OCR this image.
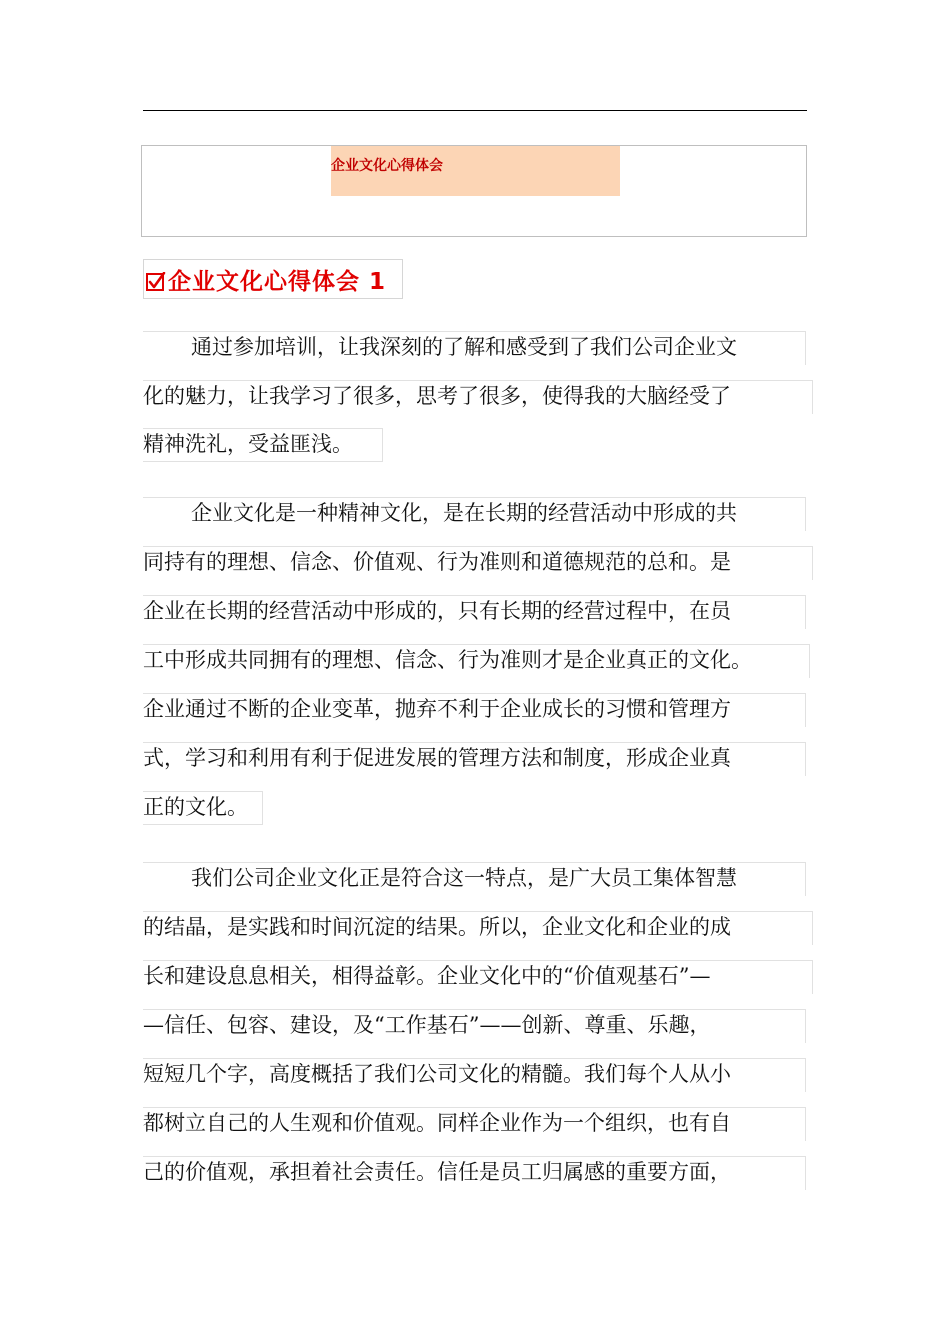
企业文化心得体会
企业文化心得体会 1
通过参加培训，让我深刻的了解和感受到了我们公司企业文
化的魅力，让我学习了很多，思考了很多，使得我的大脑经受了
精神洗礼，受益匪浅。
企业文化是一种精神文化，是在长期的经营活动中形成的共
同持有的理想、信念、价值观、行为准则和道德规范的总和。是
企业在长期的经营活动中形成的，只有长期的经营过程中，在员
工中形成共同拥有的理想、信念、行为准则才是企业真正的文化。
企业通过不断的企业变革，抛弃不利于企业成长的习惯和管理方
式，学习和利用有利于促进发展的管理方法和制度，形成企业真
正的文化。
我们公司企业文化正是符合这一特点，是广大员工集体智慧
的结晶，是实践和时间沉淀的结果。所以，企业文化和企业的成
长和建设息息相关，相得益彰。企业文化中的“价值观基石”—
—信任、包容、建设，及“工作基石”——创新、尊重、乐趣，
短短几个字，高度概括了我们公司文化的精髓。我们每个人从小
都树立自己的人生观和价值观。同样企业作为一个组织，也有自
己的价值观，承担着社会责任。信任是员工归属感的重要方面，
